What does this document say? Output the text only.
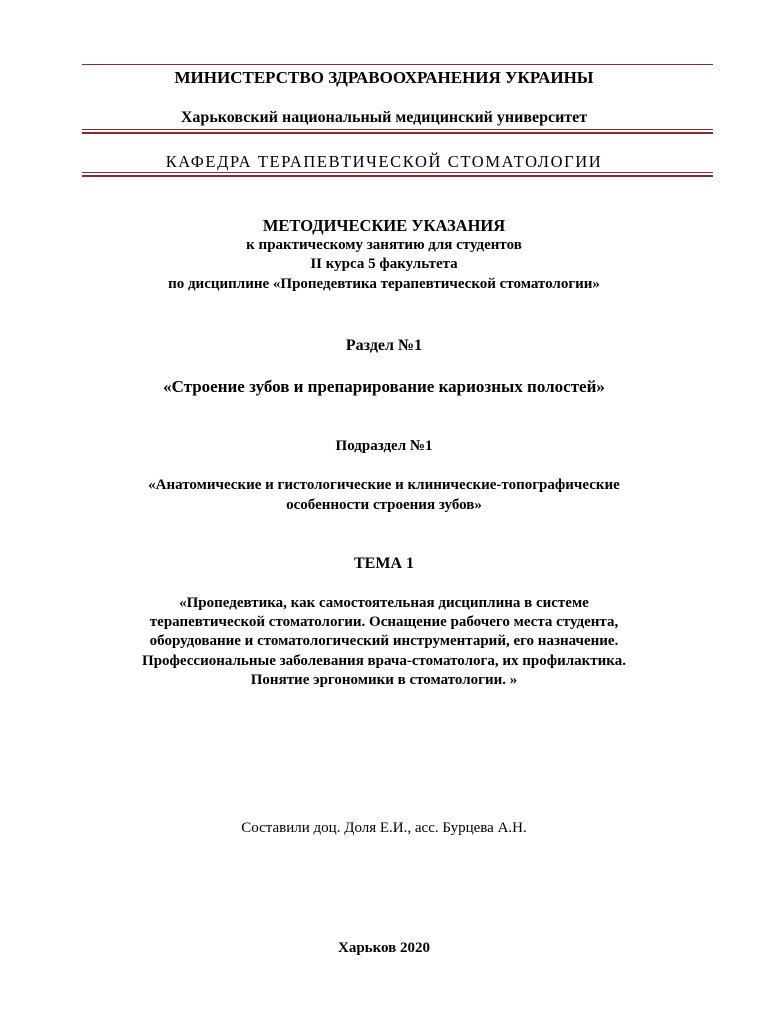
МИНИСТЕРСТВО ЗДРАВООХРАНЕНИЯ УКРАИНЫ
Харьковский национальный медицинский университет
КАФЕДРА ТЕРАПЕВТИЧЕСКОЙ СТОМАТОЛОГИИ
МЕТОДИЧЕСКИЕ УКАЗАНИЯ
к практическому занятию для студентов
II курса 5 факультета
по дисциплине «Пропедевтика терапевтической стоматологии»
Раздел №1
«Строение зубов и препарирование кариозных полостей»
Подраздел №1
«Анатомические и гистологические и клинические-топографические
особенности строения зубов»
ТЕМА 1
«Пропедевтика, как самостоятельная дисциплина в системе
терапевтической стоматологии. Оснащение рабочего места студента,
оборудование и стоматологический инструментарий, его назначение.
Профессиональные заболевания врача-стоматолога, их профилактика.
Понятие эргономики в стоматологии. »
Составили доц. Доля Е.И., асс. Бурцева А.Н.
Харьков 2020
